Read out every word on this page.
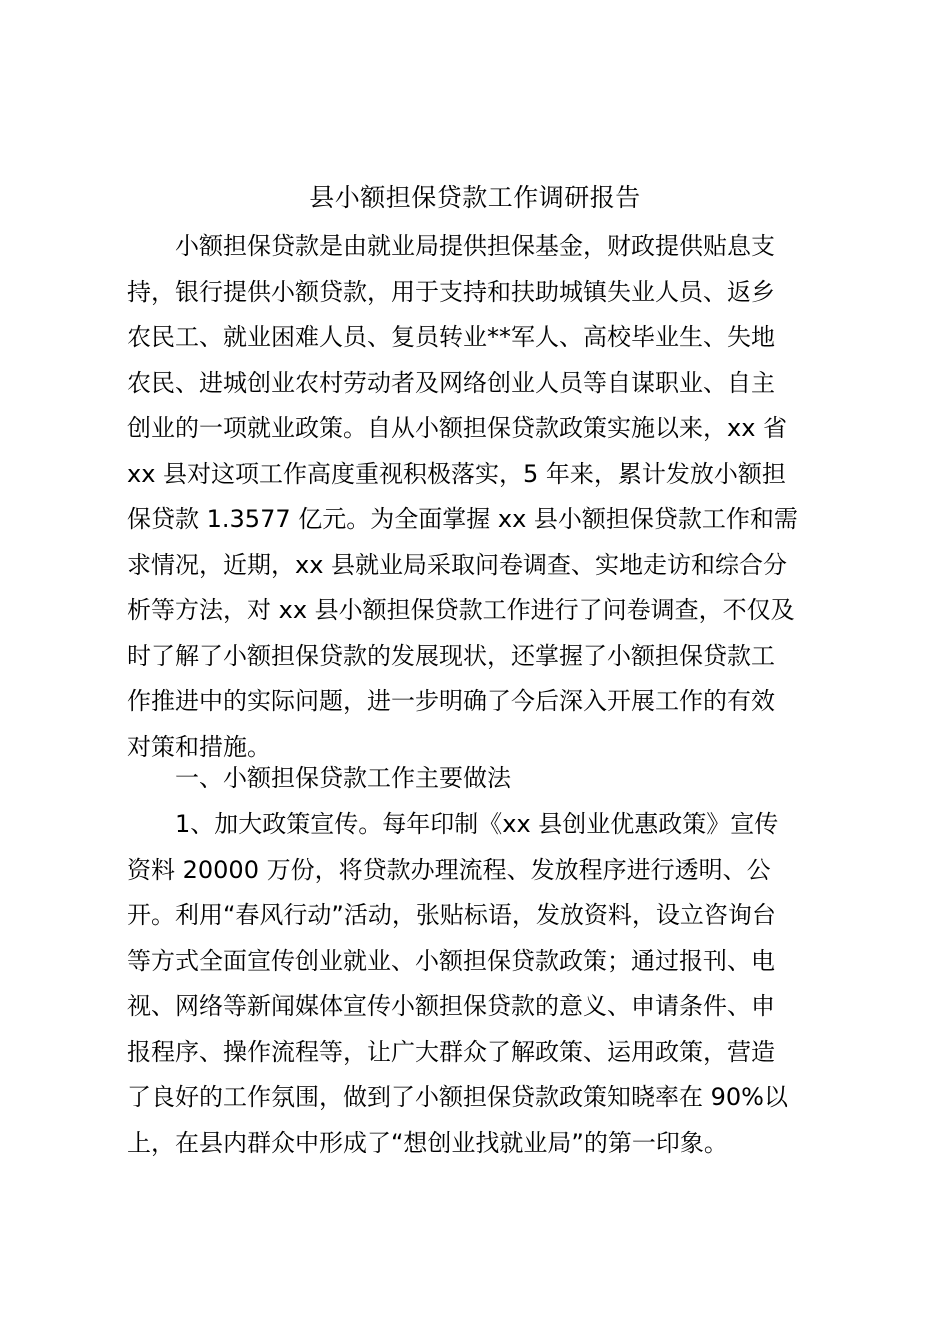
县小额担保贷款工作调研报告
小额担保贷款是由就业局提供担保基金，财政提供贴息支
持，银行提供小额贷款，用于支持和扶助城镇失业人员、返乡
农民工、就业困难人员、复员转业**军人、高校毕业生、失地
农民、进城创业农村劳动者及网络创业人员等自谋职业、自主
创业的一项就业政策。自从小额担保贷款政策实施以来，xx 省
xx 县对这项工作高度重视积极落实，5 年来，累计发放小额担
保贷款 1.3577 亿元。为全面掌握 xx 县小额担保贷款工作和需
求情况，近期，xx 县就业局采取问卷调查、实地走访和综合分
析等方法，对 xx 县小额担保贷款工作进行了问卷调查，不仅及
时了解了小额担保贷款的发展现状，还掌握了小额担保贷款工
作推进中的实际问题，进一步明确了今后深入开展工作的有效
对策和措施。
一、小额担保贷款工作主要做法
1、加大政策宣传。每年印制《xx 县创业优惠政策》宣传
资料 20000 万份，将贷款办理流程、发放程序进行透明、公
开。利用“春风行动”活动，张贴标语，发放资料，设立咨询台
等方式全面宣传创业就业、小额担保贷款政策；通过报刊、电
视、网络等新闻媒体宣传小额担保贷款的意义、申请条件、申
报程序、操作流程等，让广大群众了解政策、运用政策，营造
了良好的工作氛围，做到了小额担保贷款政策知晓率在 90%以
上，在县内群众中形成了“想创业找就业局”的第一印象。
